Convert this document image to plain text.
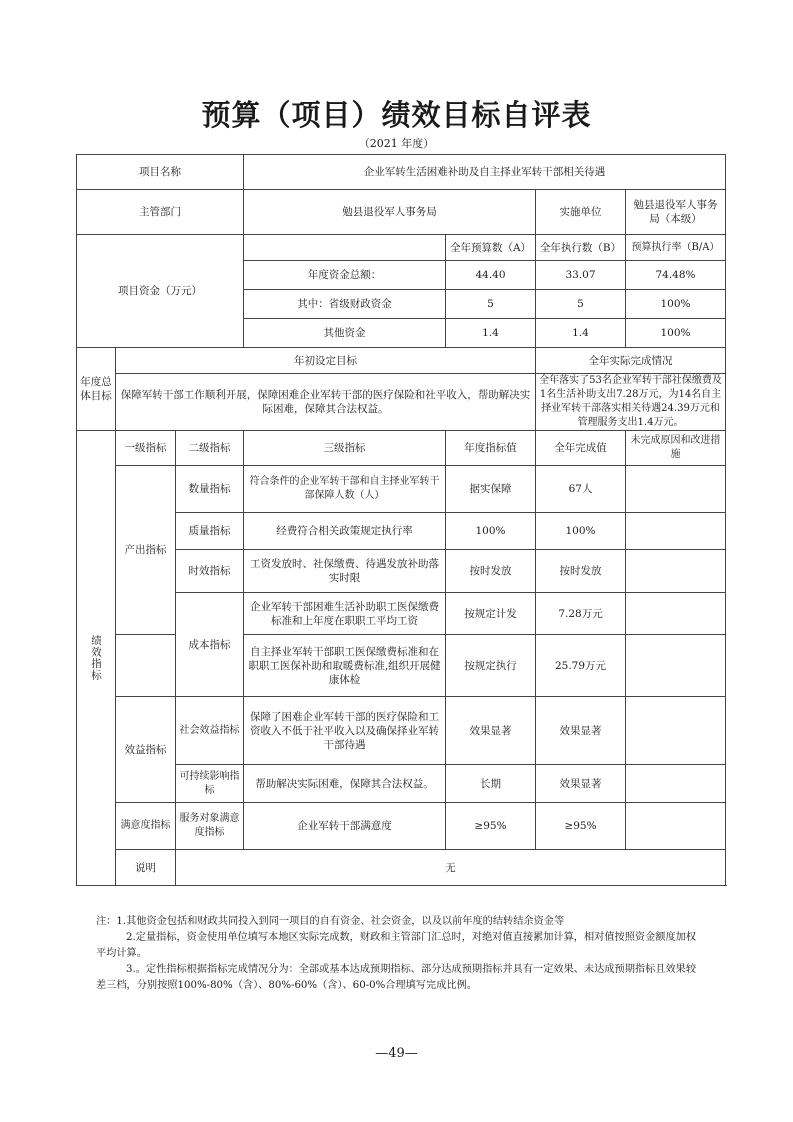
预算（项目）绩效目标自评表

（2021 年度）

项目名称			企业军转生活困难补助及自主择业军转干部相关待遇			
主管部门			勉县退役军人事务局		实施单位	勉县退役军人事务局（本级）
项目资金（万元）				全年预算数（A）	全年执行数（B）	预算执行率（B/A）
			年度资金总额：	44.40	33.07	74.48%
			其中：省级财政资金	5	5	100%
			其他资金	1.4	1.4	100%
年度总体目标	年初设定目标				全年实际完成情况	
	保障军转干部工作顺利开展，保障困难企业军转干部的医疗保险和社平收入，帮助解决实际困难，保障其合法权益。				全年落实了53名企业军转干部社保缴费及1名生活补助支出7.28万元，为14名自主择业军转干部落实相关待遇24.39万元和管理服务支出1.4万元。	
绩效指标	一级指标	二级指标	三级指标	年度指标值	全年完成值	未完成原因和改进措施
	产出指标	数量指标	符合条件的企业军转干部和自主择业军转干部保障人数（人）	据实保障	67人	
		质量指标	经费符合相关政策规定执行率	100%	100%	
		时效指标	工资发放时、社保缴费、待遇发放补助落实时限	按时发放	按时发放	
		成本指标	企业军转干部困难生活补助职工医保缴费标准和上年度在职职工平均工资	按规定计发	7.28万元	
			自主择业军转干部职工医保缴费标准和在职职工医保补助和取暖费标准,组织开展健康体检	按规定执行	25.79万元	
	效益指标	社会效益指标	保障了困难企业军转干部的医疗保险和工资收入不低于社平收入以及确保择业军转干部待遇	效果显著	效果显著	
		可持续影响指标	帮助解决实际困难，保障其合法权益。	长期	效果显著	
	满意度指标	服务对象满意度指标	企业军转干部满意度	≥95%	≥95%	
	说明	无				

注：1.其他资金包括和财政共同投入到同一项目的自有资金、社会资金，以及以前年度的结转结余资金等

2.定量指标，资金使用单位填写本地区实际完成数，财政和主管部门汇总时，对绝对值直接累加计算，相对值按照资金额度加权平均计算。

3.。定性指标根据指标完成情况分为：全部或基本达成预期指标、部分达成预期指标并具有一定效果、未达成预期指标且效果较差三档，分别按照100%-80%（含）、80%-60%（含）、60-0%合理填写完成比例。

—49—
